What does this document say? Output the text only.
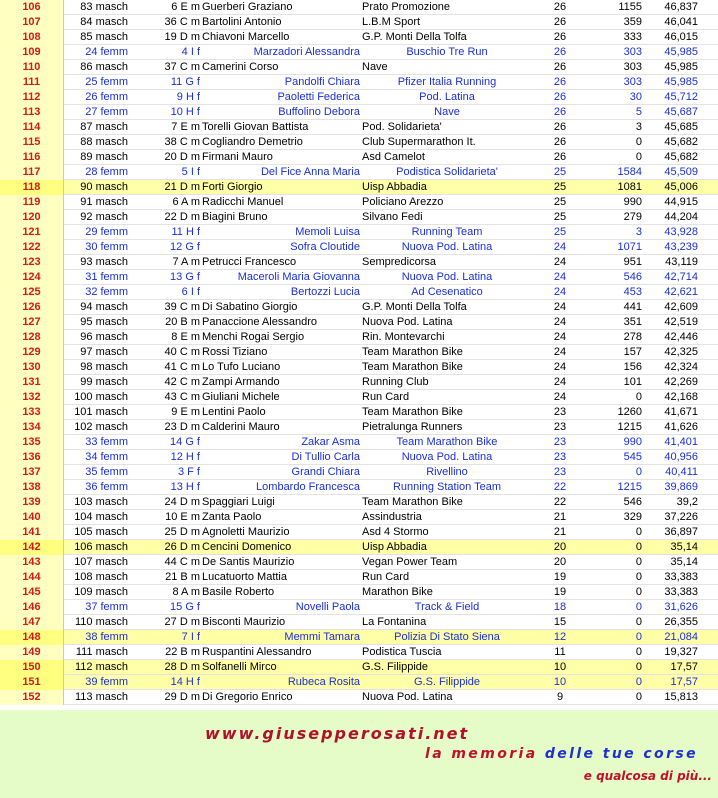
106	83 masch	6 E m Guerberi Graziano	Prato Promozione	26	1155	46,837
107	84 masch	36 C m Bartolini Antonio	L.B.M Sport	26	359	46,041
108	85 masch	19 D m Chiavoni Marcello	G.P. Monti Della Tolfa	26	333	46,015
109	24 femm	4 I f	Marzadori Alessandra	Buschio Tre Run	26	303	45,985
110	86 masch	37 C m Camerini Corso	Nave	26	303	45,985
111	25 femm	11 G f	Pandolfi Chiara	Pfizer Italia Running	26	303	45,985
112	26 femm	9 H f	Paoletti Federica	Pod. Latina	26	30	45,712
113	27 femm	10 H f	Buffolino Debora	Nave	26	5	45,687
114	87 masch	7 E m Torelli Giovan Battista	Pod. Solidarieta'	26	3	45,685
115	88 masch	38 C m Cogliandro Demetrio	Club Supermarathon It.	26	0	45,682
116	89 masch	20 D m Firmani Mauro	Asd Camelot	26	0	45,682
117	28 femm	5 I f	Del Fice Anna Maria	Podistica Solidarieta'	25	1584	45,509
118	90 masch	21 D m Forti Giorgio	Uisp Abbadia	25	1081	45,006
119	91 masch	6 A m Radicchi Manuel	Policiano Arezzo	25	990	44,915
120	92 masch	22 D m Biagini Bruno	Silvano Fedi	25	279	44,204
121	29 femm	11 H f	Memoli Luisa	Running Team	25	3	43,928
122	30 femm	12 G f	Sofra Cloutide	Nuova Pod. Latina	24	1071	43,239
123	93 masch	7 A m Petrucci Francesco	Sempredicorsa	24	951	43,119
124	31 femm	13 G f	Maceroli Maria Giovanna	Nuova Pod. Latina	24	546	42,714
125	32 femm	6 I f	Bertozzi Lucia	Ad Cesenatico	24	453	42,621
126	94 masch	39 C m Di Sabatino Giorgio	G.P. Monti Della Tolfa	24	441	42,609
127	95 masch	20 B m Panaccione Alessandro	Nuova Pod. Latina	24	351	42,519
128	96 masch	8 E m Menchi Rogai Sergio	Rin. Montevarchi	24	278	42,446
129	97 masch	40 C m Rossi Tiziano	Team Marathon Bike	24	157	42,325
130	98 masch	41 C m Lo Tufo Luciano	Team Marathon Bike	24	156	42,324
131	99 masch	42 C m Zampi Armando	Running Club	24	101	42,269
132	100 masch	43 C m Giuliani Michele	Run Card	24	0	42,168
133	101 masch	9 E m Lentini Paolo	Team Marathon Bike	23	1260	41,671
134	102 masch	23 D m Calderini Mauro	Pietralunga Runners	23	1215	41,626
135	33 femm	14 G f	Zakar Asma	Team Marathon Bike	23	990	41,401
136	34 femm	12 H f	Di Tullio Carla	Nuova Pod. Latina	23	545	40,956
137	35 femm	3 F f	Grandi Chiara	Rivellino	23	0	40,411
138	36 femm	13 H f	Lombardo Francesca	Running Station Team	22	1215	39,869
139	103 masch	24 D m Spaggiari Luigi	Team Marathon Bike	22	546	39,2
140	104 masch	10 E m Zanta Paolo	Assindustria	21	329	37,226
141	105 masch	25 D m Agnoletti Maurizio	Asd 4 Stormo	21	0	36,897
142	106 masch	26 D m Cencini Domenico	Uisp Abbadia	20	0	35,14
143	107 masch	44 C m De Santis Maurizio	Vegan Power Team	20	0	35,14
144	108 masch	21 B m Lucatuorto Mattia	Run Card	19	0	33,383
145	109 masch	8 A m Basile Roberto	Marathon Bike	19	0	33,383
146	37 femm	15 G f	Novelli Paola	Track & Field	18	0	31,626
147	110 masch	27 D m Bisconti Maurizio	La Fontanina	15	0	26,355
148	38 femm	7 I f	Memmi Tamara	Polizia Di Stato Siena	12	0	21,084
149	111 masch	22 B m Ruspantini Alessandro	Podistica Tuscia	11	0	19,327
150	112 masch	28 D m Solfanelli Mirco	G.S. Filippide	10	0	17,57
151	39 femm	14 H f	Rubeca Rosita	G.S. Filippide	10	0	17,57
152	113 masch	29 D m Di Gregorio Enrico	Nuova Pod. Latina	9	0	15,813
www.giusepperosati.net
la memoria delle tue corse
e qualcosa di più...
